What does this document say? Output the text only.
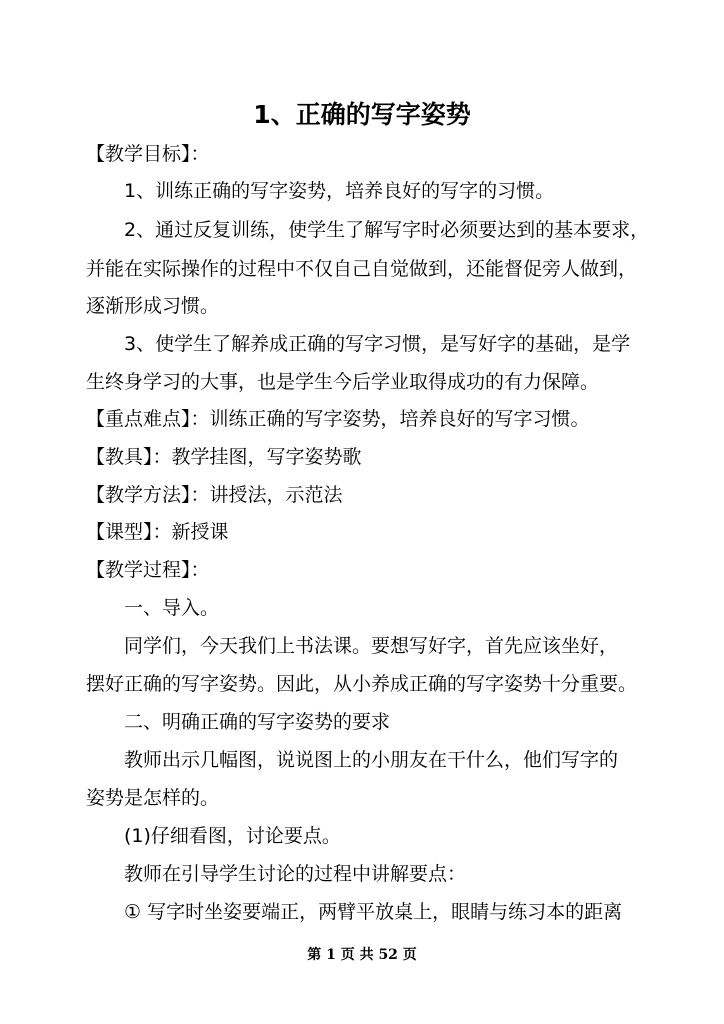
1、正确的写字姿势
【教学目标】：
1、训练正确的写字姿势，培养良好的写字的习惯。
2、通过反复训练，使学生了解写字时必须要达到的基本要求，
并能在实际操作的过程中不仅自己自觉做到，还能督促旁人做到，
逐渐形成习惯。
3、使学生了解养成正确的写字习惯，是写好字的基础，是学
生终身学习的大事，也是学生今后学业取得成功的有力保障。
【重点难点】：训练正确的写字姿势，培养良好的写字习惯。
【教具】：教学挂图，写字姿势歌
【教学方法】：讲授法，示范法
【课型】：新授课
【教学过程】：
一、导入。
同学们，今天我们上书法课。要想写好字，首先应该坐好，
摆好正确的写字姿势。因此，从小养成正确的写字姿势十分重要。
二、明确正确的写字姿势的要求
教师出示几幅图，说说图上的小朋友在干什么，他们写字的
姿势是怎样的。
(1)仔细看图，讨论要点。
教师在引导学生讨论的过程中讲解要点：
① 写字时坐姿要端正，两臂平放桌上，眼睛与练习本的距离
第 1 页 共 52 页
